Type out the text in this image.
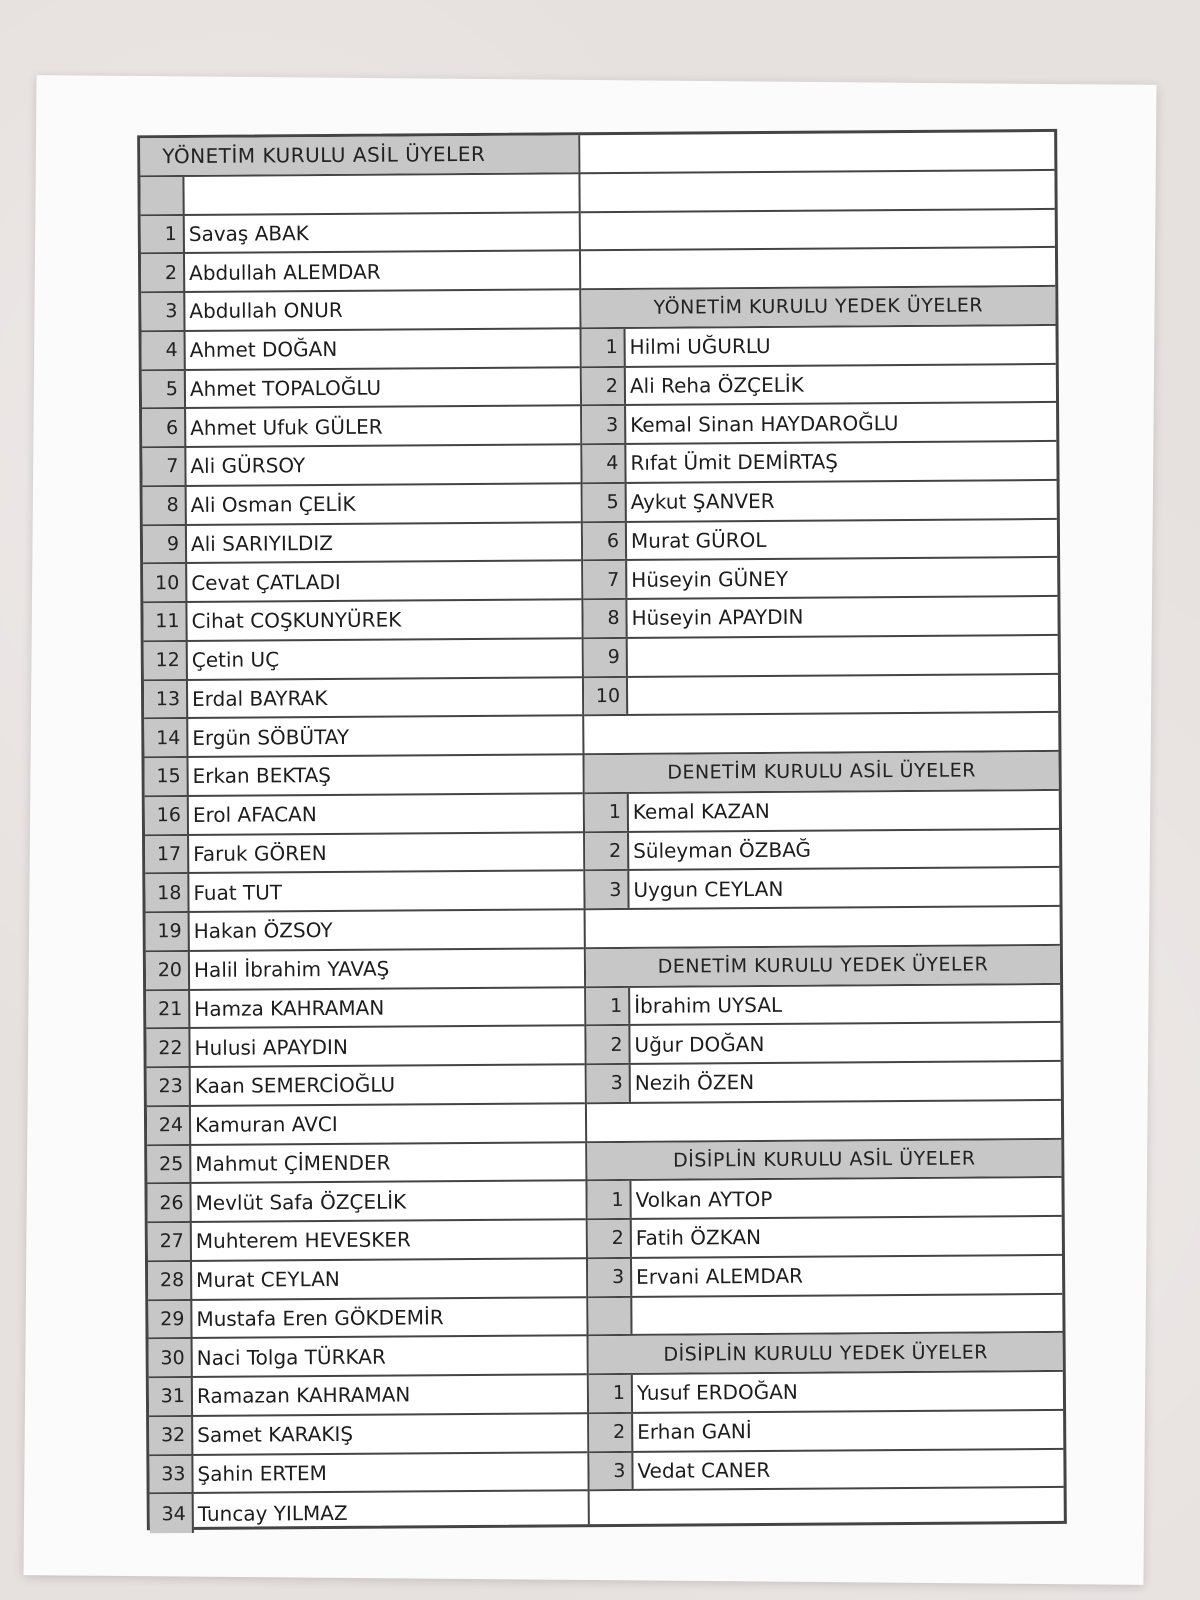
YÖNETİM KURULU ASİL ÜYELER
1 Savaş ABAK
2 Abdullah ALEMDAR
3 Abdullah ONUR
4 Ahmet DOĞAN
5 Ahmet TOPALOĞLU
6 Ahmet Ufuk GÜLER
7 Ali GÜRSOY
8 Ali Osman ÇELİK
9 Ali SARIYILDIZ
10 Cevat ÇATLADI
11 Cihat COŞKUNYÜREK
12 Çetin UÇ
13 Erdal BAYRAK
14 Ergün SÖBÜTAY
15 Erkan BEKTAŞ
16 Erol AFACAN
17 Faruk GÖREN
18 Fuat TUT
19 Hakan ÖZSOY
20 Halil İbrahim YAVAŞ
21 Hamza KAHRAMAN
22 Hulusi APAYDIN
23 Kaan SEMERCİOĞLU
24 Kamuran AVCI
25 Mahmut ÇİMENDER
26 Mevlüt Safa ÖZÇELİK
27 Muhterem HEVESKER
28 Murat CEYLAN
29 Mustafa Eren GÖKDEMİR
30 Naci Tolga TÜRKAR
31 Ramazan KAHRAMAN
32 Samet KARAKIŞ
33 Şahin ERTEM
34 Tuncay YILMAZ
YÖNETİM KURULU YEDEK ÜYELER
1 Hilmi UĞURLU
2 Ali Reha ÖZÇELİK
3 Kemal Sinan HAYDAROĞLU
4 Rıfat Ümit DEMİRTAŞ
5 Aykut ŞANVER
6 Murat GÜROL
7 Hüseyin GÜNEY
8 Hüseyin APAYDIN
9
10
DENETİM KURULU ASİL ÜYELER
1 Kemal KAZAN
2 Süleyman ÖZBAĞ
3 Uygun CEYLAN
DENETİM KURULU YEDEK ÜYELER
1 İbrahim UYSAL
2 Uğur DOĞAN
3 Nezih ÖZEN
DİSİPLİN KURULU ASİL ÜYELER
1 Volkan AYTOP
2 Fatih ÖZKAN
3 Ervani ALEMDAR
DİSİPLİN KURULU YEDEK ÜYELER
1 Yusuf ERDOĞAN
2 Erhan GANİ
3 Vedat CANER
